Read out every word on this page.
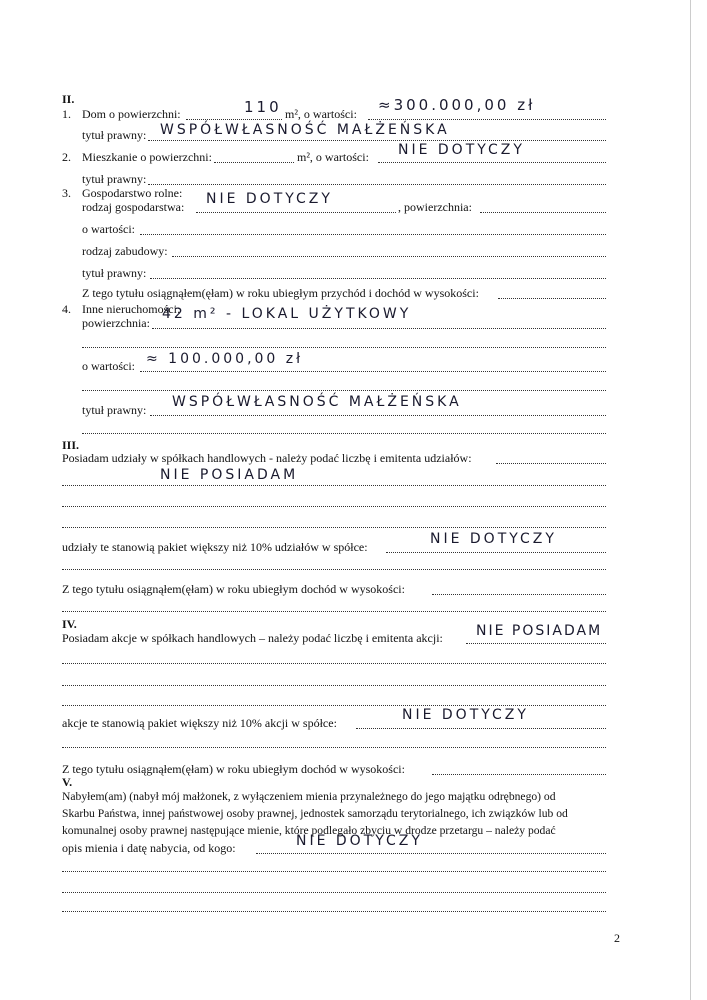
II.
1. Dom o powierzchni:	110 m², o wartości: ≈300.000,00 zł
tytuł prawny: WSPÓŁWŁASNOŚĆ MAŁŻEŃSKA
2. Mieszkanie o powierzchni:	m², o wartości: NIE DOTYCZY
tytuł prawny:
3. Gospodarstwo rolne:
rodzaj gospodarstwa: NIE DOTYCZY	, powierzchnia:
o wartości:
rodzaj zabudowy:
tytuł prawny:
Z tego tytułu osiągnąłem(ęłam) w roku ubiegłym przychód i dochód w wysokości:
4. Inne nieruchomości:
powierzchnia:
42 m² - LOKAL UŻYTKOWY
o wartości: ≈ 100.000,00 zł
tytuł prawny: WSPÓŁWŁASNOŚĆ MAŁŻEŃSKA
III.
Posiadam udziały w spółkach handlowych - należy podać liczbę i emitenta udziałów:
NIE POSIADAM
udziały te stanowią pakiet większy niż 10% udziałów w spółce:	NIE DOTYCZY
Z tego tytułu osiągnąłem(ęłam) w roku ubiegłym dochód w wysokości:
IV.
Posiadam akcje w spółkach handlowych – należy podać liczbę i emitenta akcji: NIE POSIADAM
akcje te stanowią pakiet większy niż 10% akcji w spółce:	NIE DOTYCZY
Z tego tytułu osiągnąłem(ęłam) w roku ubiegłym dochód w wysokości:
V.
Nabyłem(am) (nabył mój małżonek, z wyłączeniem mienia przynależnego do jego majątku odrębnego) od
Skarbu Państwa, innej państwowej osoby prawnej, jednostek samorządu terytorialnego, ich związków lub od
komunalnej osoby prawnej następujące mienie, które podlegało zbyciu w drodze przetargu – należy podać
opis mienia i datę nabycia, od kogo:	NIE DOTYCZY
2
